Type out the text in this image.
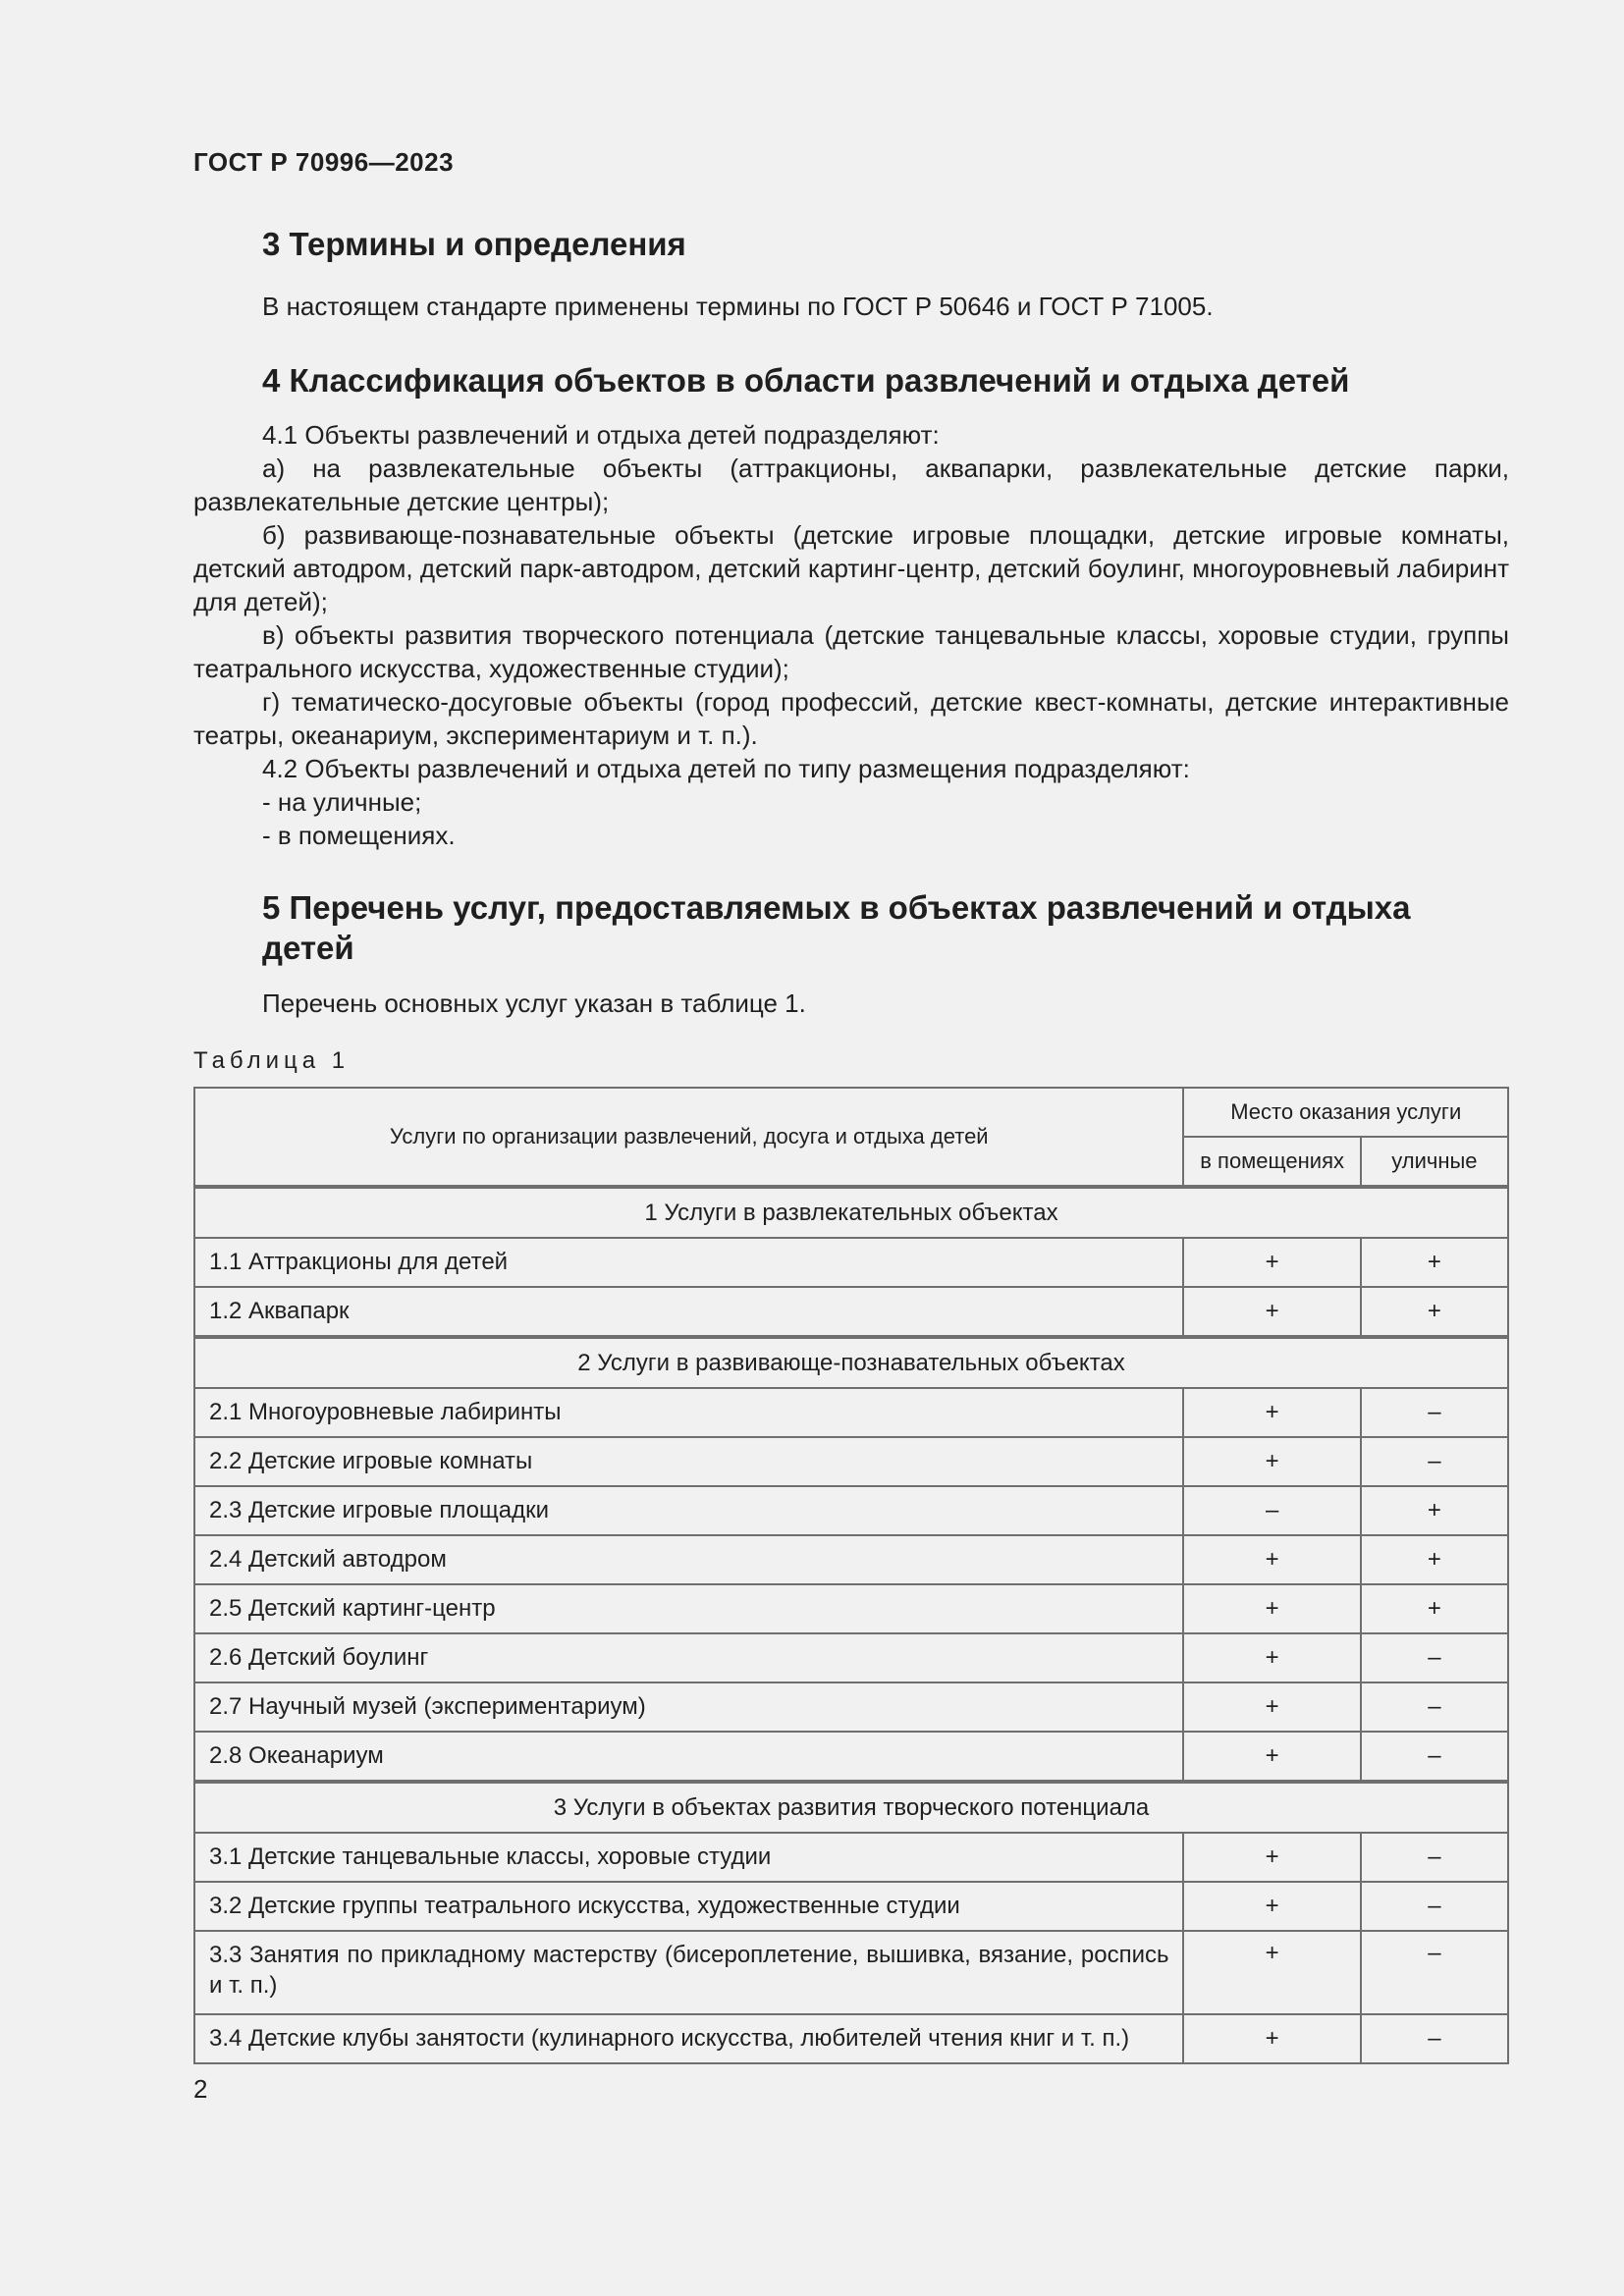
ГОСТ Р 70996—2023
3 Термины и определения

В настоящем стандарте применены термины по ГОСТ Р 50646 и ГОСТ Р 71005.

4 Классификация объектов в области развлечений и отдыха детей

4.1 Объекты развлечений и отдыха детей подразделяют:

а) на развлекательные объекты (аттракционы, аквапарки, развлекательные детские парки, развлекательные детские центры);

б) развивающе-познавательные объекты (детские игровые площадки, детские игровые комнаты, детский автодром, детский парк-автодром, детский картинг-центр, детский боулинг, многоуровневый лабиринт для детей);

в) объекты развития творческого потенциала (детские танцевальные классы, хоровые студии, группы театрального искусства, художественные студии);

г) тематическо-досуговые объекты (город профессий, детские квест-комнаты, детские интерактивные театры, океанариум, экспериментариум и т. п.).

4.2 Объекты развлечений и отдыха детей по типу размещения подразделяют:

- на уличные;

- в помещениях.

5 Перечень услуг, предоставляемых в объектах развлечений и отдыха детей

Перечень основных услуг указан в таблице 1.

Таблица 1
Услуги по организации развлечений, досуга и отдыха детей	Место оказания услуги	
	в помещениях	уличные
1 Услуги в развлекательных объектах		
1.1 Аттракционы для детей	+	+
1.2 Аквапарк	+	+
2 Услуги в развивающе-познавательных объектах		
2.1 Многоуровневые лабиринты	+	–
2.2 Детские игровые комнаты	+	–
2.3 Детские игровые площадки	–	+
2.4 Детский автодром	+	+
2.5 Детский картинг-центр	+	+
2.6 Детский боулинг	+	–
2.7 Научный музей (экспериментариум)	+	–
2.8 Океанариум	+	–
3 Услуги в объектах развития творческого потенциала		
3.1 Детские танцевальные классы, хоровые студии	+	–
3.2 Детские группы театрального искусства, художественные студии	+	–
3.3 Занятия по прикладному мастерству (бисероплетение, вышивка, вязание, роспись и т. п.)	+	–
3.4 Детские клубы занятости (кулинарного искусства, любителей чтения книг и т. п.)	+	–
2
